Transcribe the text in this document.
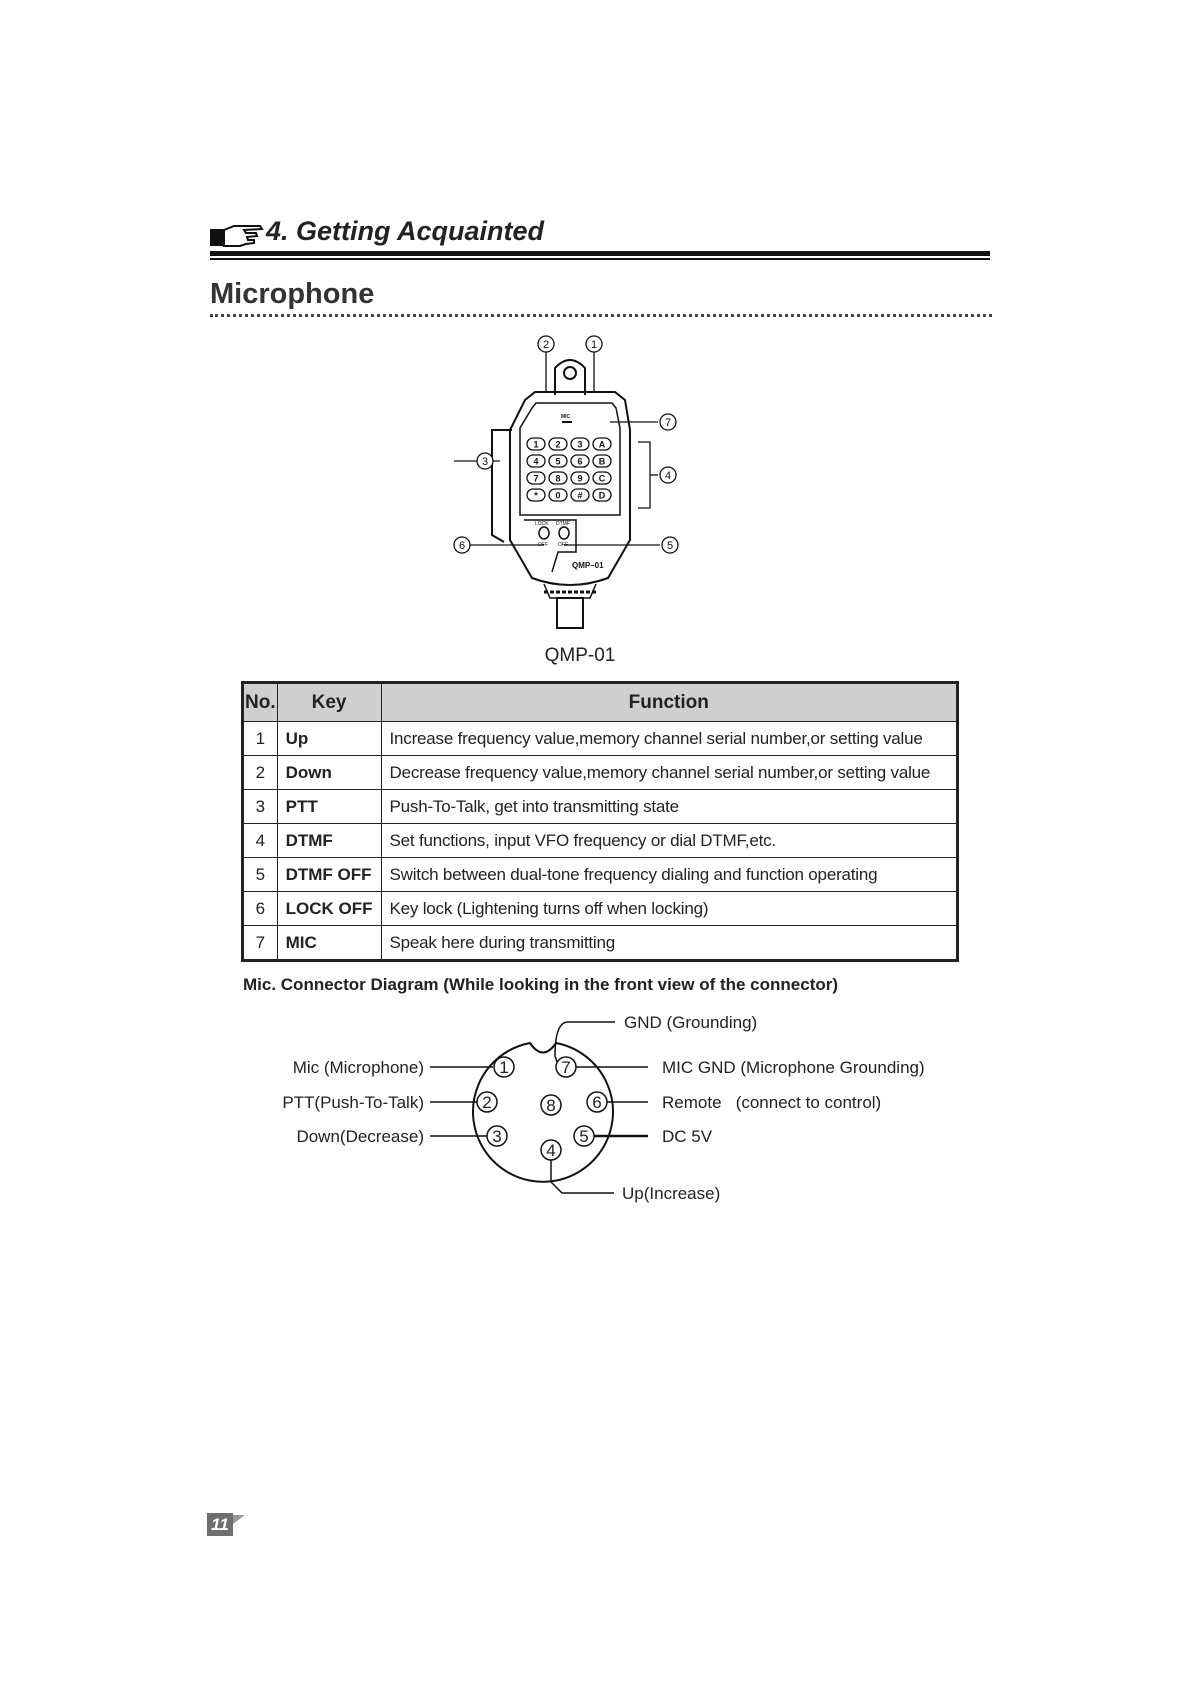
4. Getting Acquainted
Microphone
MIC
1 2 3 A
4 5 6 B
7 8 9 C
* 0 # D
LOCK DTMF
OFF OFF
QMP–01
1
2
3
4
5
6
7
QMP-01
No.	Key	Function
1	Up	Increase frequency value,memory channel serial number,or setting value
2	Down	Decrease frequency value,memory channel serial number,or setting value
3	PTT	Push-To-Talk, get into transmitting state
4	DTMF	Set functions, input VFO frequency or dial DTMF,etc.
5	DTMF OFF	Switch between dual-tone frequency dialing and function operating
6	LOCK OFF	Key lock (Lightening turns off when locking)
7	MIC	Speak here during transmitting
Mic. Connector Diagram (While looking in the front view of the connector)
1
2
3
4
5
6
7
8
GND (Grounding)
Mic (Microphone)
PTT(Push-To-Talk)
Down(Decrease)
MIC GND (Microphone Grounding)
Remote   (connect to control)
DC 5V
Up(Increase)
11
